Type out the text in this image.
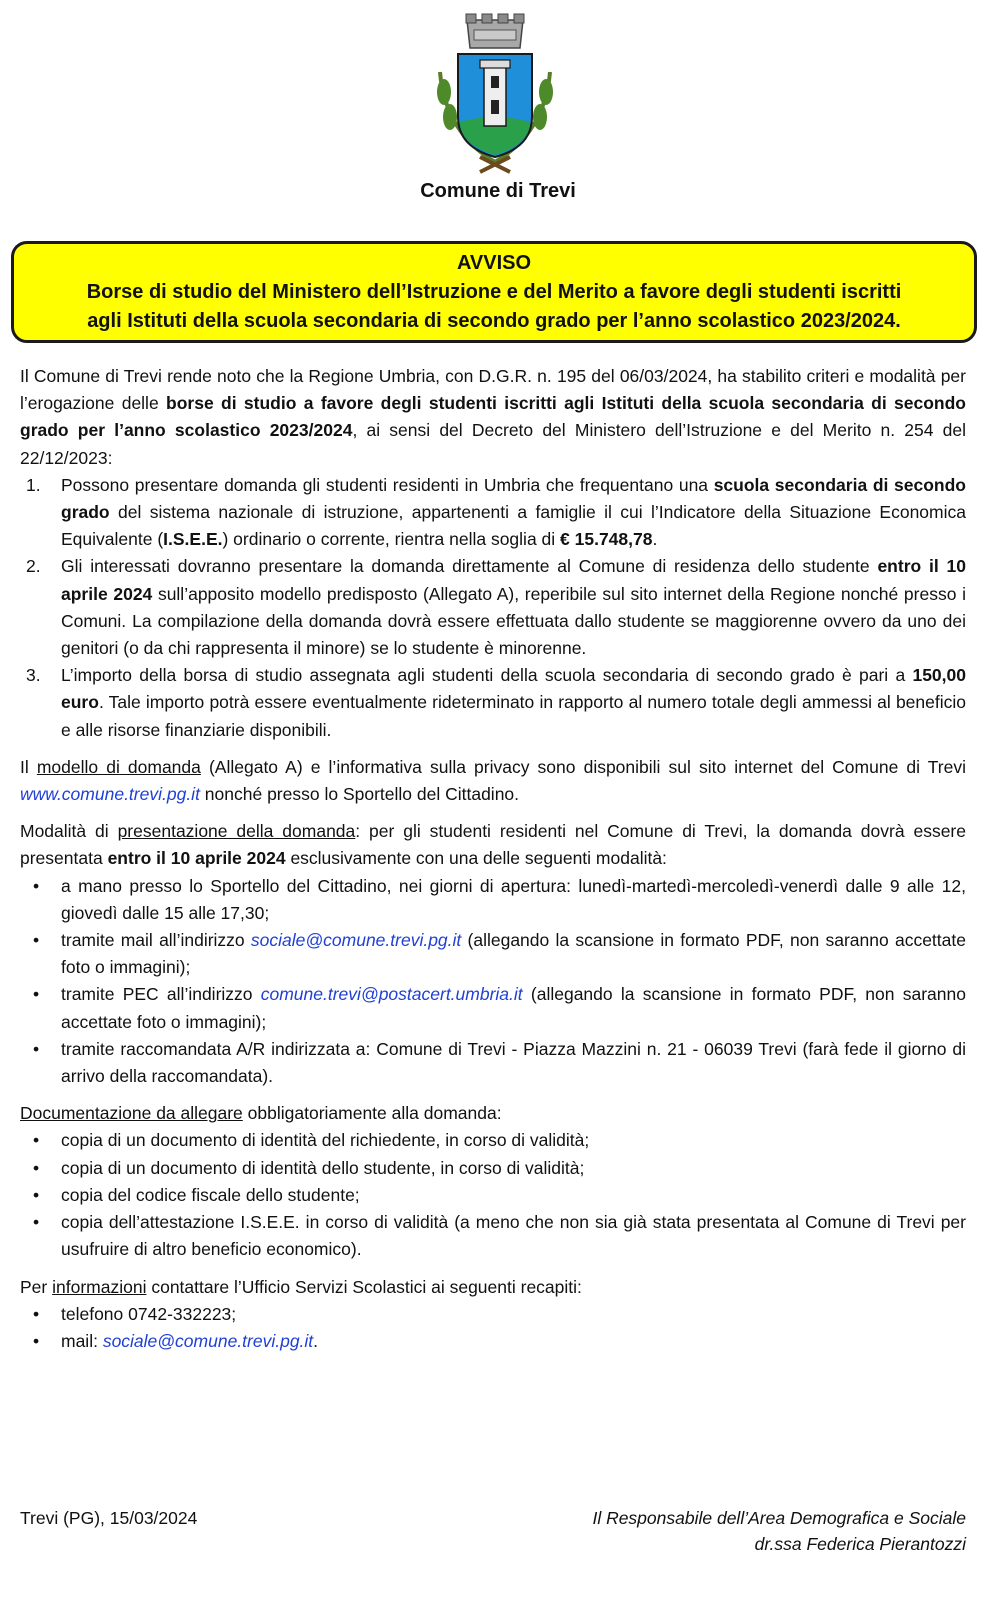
Comune di Trevi
AVVISO
Borse di studio del Ministero dell’Istruzione e del Merito a favore degli studenti iscritti
agli Istituti della scuola secondaria di secondo grado per l’anno scolastico 2023/2024.

Il Comune di Trevi rende noto che la Regione Umbria, con D.G.R. n. 195 del 06/03/2024, ha stabilito criteri e modalità per l’erogazione delle borse di studio a favore degli studenti iscritti agli Istituti della scuola secondaria di secondo grado per l’anno scolastico 2023/2024, ai sensi del Decreto del Ministero dell’Istruzione e del Merito n. 254 del 22/12/2023:

1. Possono presentare domanda gli studenti residenti in Umbria che frequentano una scuola secondaria di secondo grado del sistema nazionale di istruzione, appartenenti a famiglie il cui l’Indicatore della Situazione Economica Equivalente (I.S.E.E.) ordinario o corrente, rientra nella soglia di € 15.748,78.
2. Gli interessati dovranno presentare la domanda direttamente al Comune di residenza dello studente entro il 10 aprile 2024 sull’apposito modello predisposto (Allegato A), reperibile sul sito internet della Regione nonché presso i Comuni. La compilazione della domanda dovrà essere effettuata dallo studente se maggiorenne ovvero da uno dei genitori (o da chi rappresenta il minore) se lo studente è minorenne.
3. L’importo della borsa di studio assegnata agli studenti della scuola secondaria di secondo grado è pari a 150,00 euro. Tale importo potrà essere eventualmente rideterminato in rapporto al numero totale degli ammessi al beneficio e alle risorse finanziarie disponibili.

Il modello di domanda (Allegato A) e l’informativa sulla privacy sono disponibili sul sito internet del Comune di Trevi www.comune.trevi.pg.it nonché presso lo Sportello del Cittadino.

Modalità di presentazione della domanda: per gli studenti residenti nel Comune di Trevi, la domanda dovrà essere presentata entro il 10 aprile 2024 esclusivamente con una delle seguenti modalità:

• a mano presso lo Sportello del Cittadino, nei giorni di apertura: lunedì-martedì-mercoledì-venerdì dalle 9 alle 12, giovedì dalle 15 alle 17,30;
• tramite mail all’indirizzo sociale@comune.trevi.pg.it (allegando la scansione in formato PDF, non saranno accettate foto o immagini);
• tramite PEC all’indirizzo comune.trevi@postacert.umbria.it (allegando la scansione in formato PDF, non saranno accettate foto o immagini);
• tramite raccomandata A/R indirizzata a: Comune di Trevi - Piazza Mazzini n. 21 - 06039 Trevi (farà fede il giorno di arrivo della raccomandata).

Documentazione da allegare obbligatoriamente alla domanda:

• copia di un documento di identità del richiedente, in corso di validità;
• copia di un documento di identità dello studente, in corso di validità;
• copia del codice fiscale dello studente;
• copia dell’attestazione I.S.E.E. in corso di validità (a meno che non sia già stata presentata al Comune di Trevi per usufruire di altro beneficio economico).

Per informazioni contattare l’Ufficio Servizi Scolastici ai seguenti recapiti:

• telefono 0742-332223;
• mail: sociale@comune.trevi.pg.it.
Trevi (PG), 15/03/2024	Il Responsabile dell’Area Demografica e Sociale
dr.ssa Federica Pierantozzi
